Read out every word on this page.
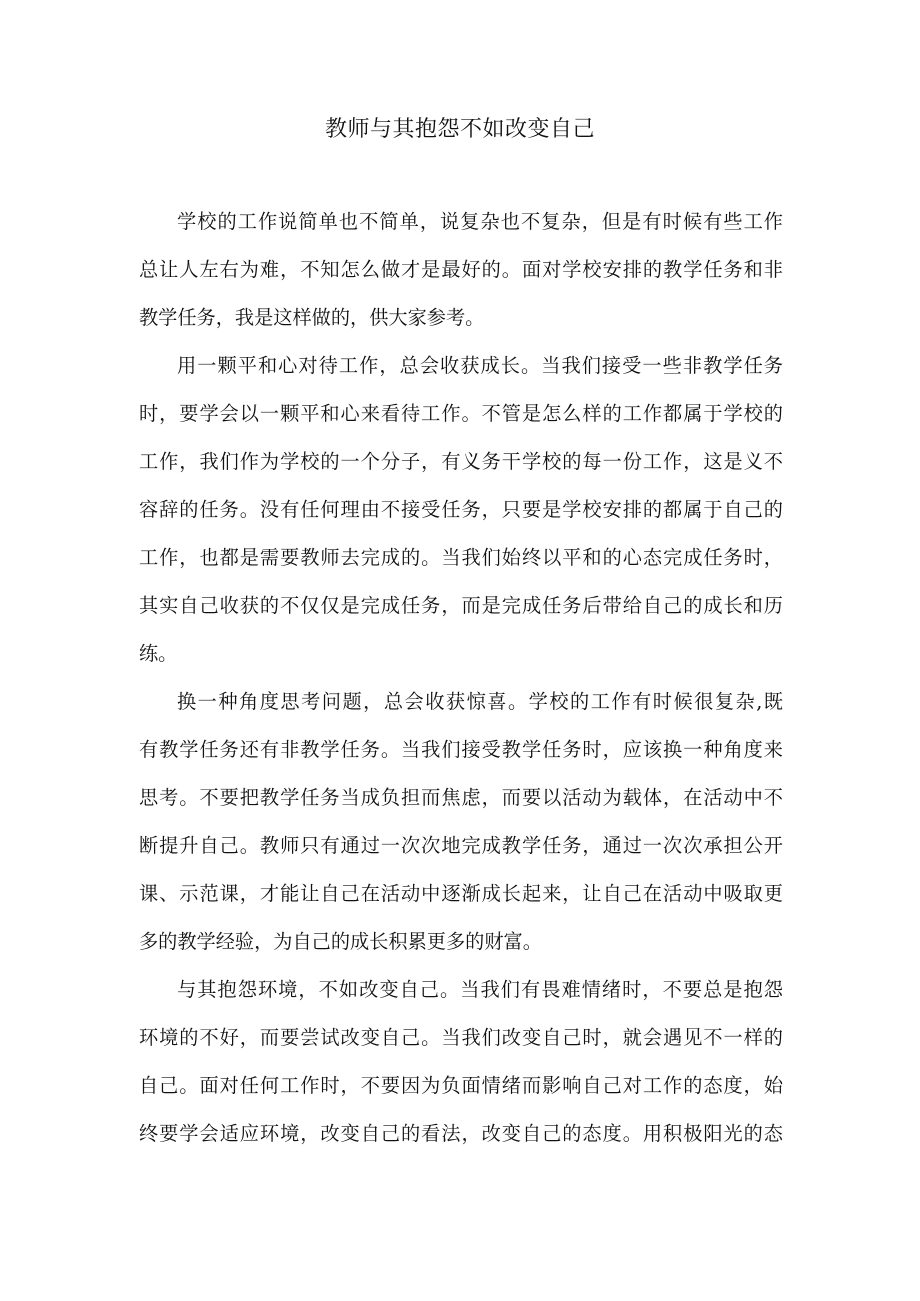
教师与其抱怨不如改变自己
学校的工作说简单也不简单，说复杂也不复杂，但是有时候有些工作
总让人左右为难，不知怎么做才是最好的。面对学校安排的教学任务和非
教学任务，我是这样做的，供大家参考。
用一颗平和心对待工作，总会收获成长。当我们接受一些非教学任务
时，要学会以一颗平和心来看待工作。不管是怎么样的工作都属于学校的
工作，我们作为学校的一个分子，有义务干学校的每一份工作，这是义不
容辞的任务。没有任何理由不接受任务，只要是学校安排的都属于自己的
工作，也都是需要教师去完成的。当我们始终以平和的心态完成任务时，
其实自己收获的不仅仅是完成任务，而是完成任务后带给自己的成长和历
练。
换一种角度思考问题，总会收获惊喜。学校的工作有时候很复杂,既
有教学任务还有非教学任务。当我们接受教学任务时，应该换一种角度来
思考。不要把教学任务当成负担而焦虑，而要以活动为载体，在活动中不
断提升自己。教师只有通过一次次地完成教学任务，通过一次次承担公开
课、示范课，才能让自己在活动中逐渐成长起来，让自己在活动中吸取更
多的教学经验，为自己的成长积累更多的财富。
与其抱怨环境，不如改变自己。当我们有畏难情绪时，不要总是抱怨
环境的不好，而要尝试改变自己。当我们改变自己时，就会遇见不一样的
自己。面对任何工作时，不要因为负面情绪而影响自己对工作的态度，始
终要学会适应环境，改变自己的看法，改变自己的态度。用积极阳光的态
